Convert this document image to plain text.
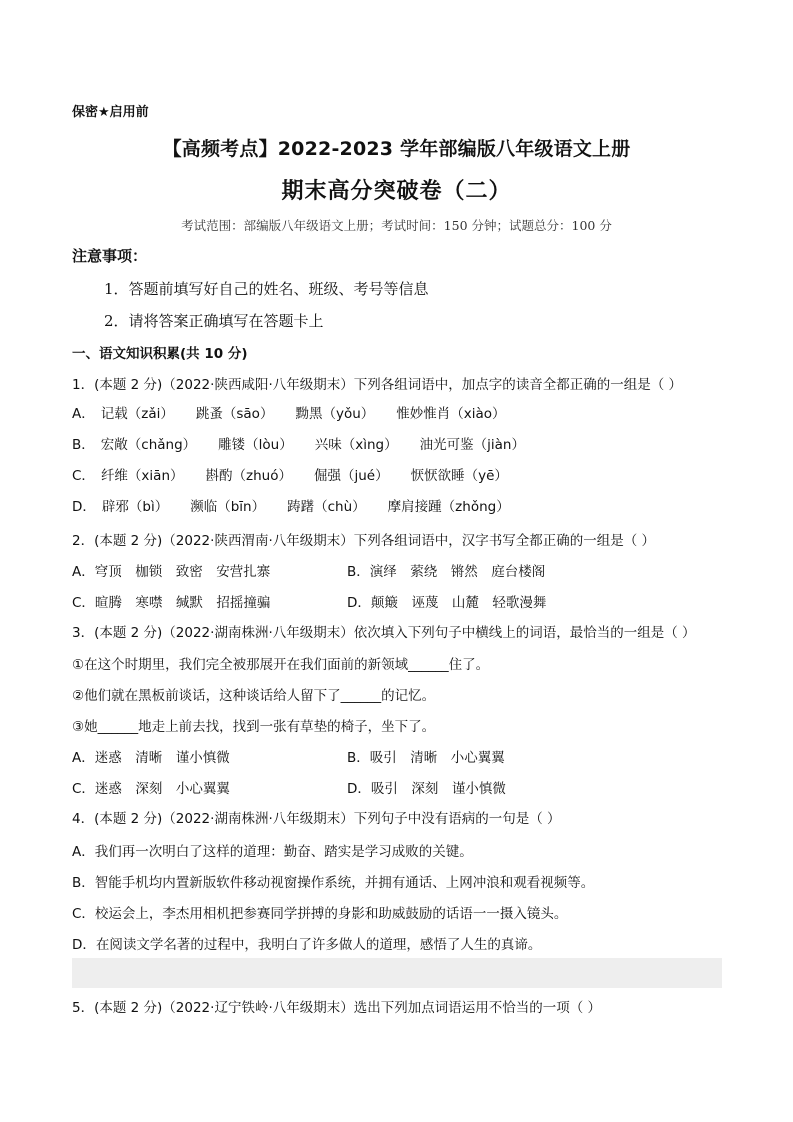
保密★启用前
【高频考点】2022-2023 学年部编版八年级语文上册
期末高分突破卷（二）
考试范围：部编版八年级语文上册；考试时间：150 分钟；试题总分：100 分
注意事项：
1．答题前填写好自己的姓名、班级、考号等信息
2．请将答案正确填写在答题卡上
一、语文知识积累(共 10 分)
1．(本题 2 分)（2022·陕西咸阳·八年级期末）下列各组词语中，加点字的读音全都正确的一组是（ ）
A． 记载（zǎi） 跳蚤（sāo） 黝黑（yǒu） 惟妙惟肖（xiào）
B． 宏敞（chǎng） 雕镂（lòu） 兴味（xìng） 油光可鉴（jiàn）
C． 纤维（xiān） 斟酌（zhuó） 倔强（jué） 恹恹欲睡（yē）
D． 辟邪（bì） 濒临（bīn） 踌躇（chù） 摩肩接踵（zhǒng）
2．(本题 2 分)（2022·陕西渭南·八年级期末）下列各组词语中，汉字书写全都正确的一组是（ ）
A．穹顶　枷锁　致密　安营扎寨	B．演绎　萦绕　锵然　庭台楼阁
C．暄腾　寒噤　缄默　招摇撞骗	D．颠簸　诬蔑　山麓　轻歌漫舞
3．(本题 2 分)（2022·湖南株洲·八年级期末）依次填入下列句子中横线上的词语，最恰当的一组是（ ）
①在这个时期里，我们完全被那展开在我们面前的新领域______住了。
②他们就在黑板前谈话，这种谈话给人留下了______的记忆。
③她______地走上前去找，找到一张有草垫的椅子，坐下了。
A．迷惑　清晰　谨小慎微	B．吸引　清晰　小心翼翼
C．迷惑　深刻　小心翼翼	D．吸引　深刻　谨小慎微
4．(本题 2 分)（2022·湖南株洲·八年级期末）下列句子中没有语病的一句是（ ）
A．我们再一次明白了这样的道理：勤奋、踏实是学习成败的关键。
B．智能手机均内置新版软件移动视窗操作系统，并拥有通话、上网冲浪和观看视频等。
C．校运会上，李杰用相机把参赛同学拼搏的身影和助威鼓励的话语一一摄入镜头。
D．在阅读文学名著的过程中，我明白了许多做人的道理，感悟了人生的真谛。
5．(本题 2 分)（2022·辽宁铁岭·八年级期末）选出下列加点词语运用不恰当的一项（ ）
